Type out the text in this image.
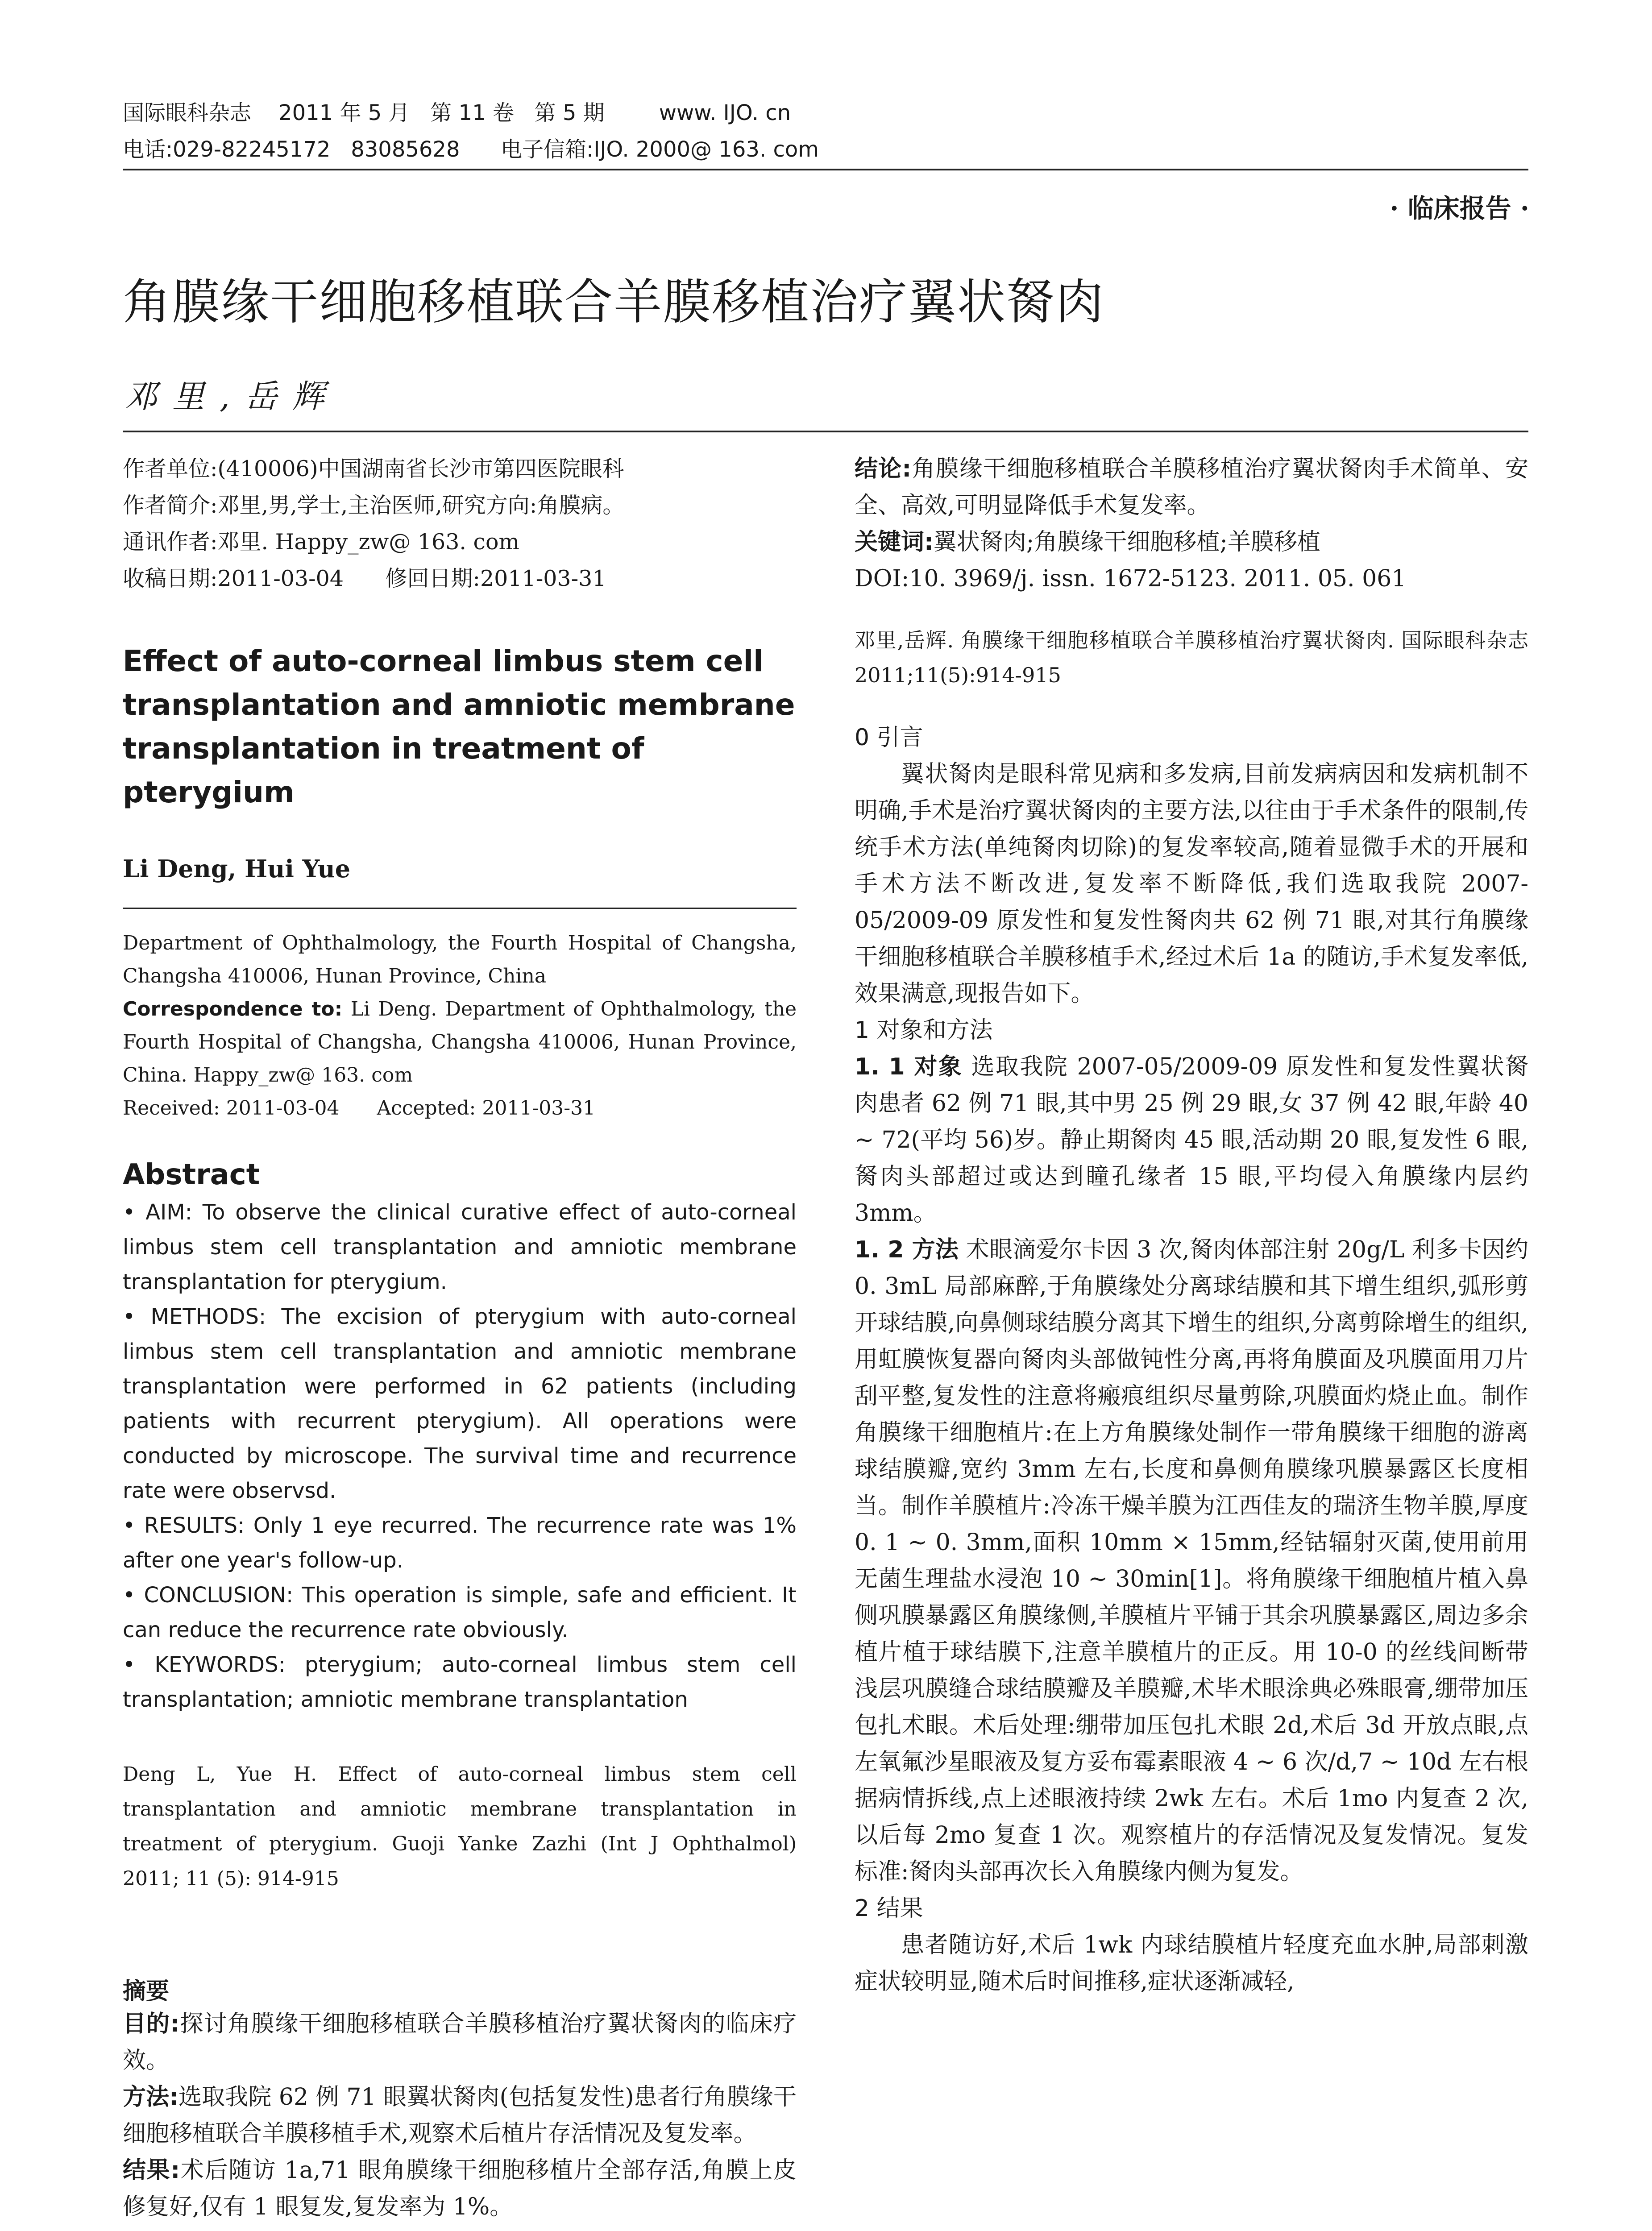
国际眼科杂志    2011 年 5 月   第 11 卷   第 5 期        www. IJO. cn
电话:029-82245172   83085628      电子信箱:IJO. 2000@ 163. com
· 临床报告 ·
角膜缘干细胞移植联合羊膜移植治疗翼状胬肉
邓里,岳辉
作者单位:(410006)中国湖南省长沙市第四医院眼科
作者简介:邓里,男,学士,主治医师,研究方向:角膜病。
通讯作者:邓里. Happy_zw@ 163. com
收稿日期:2011-03-04      修回日期:2011-03-31
Effect of auto-corneal limbus stem cell transplantation and amniotic membrane transplantation in treatment of pterygium
Li Deng, Hui Yue
Department of Ophthalmology, the Fourth Hospital of Changsha, Changsha 410006, Hunan Province, China
Correspondence to: Li Deng. Department of Ophthalmology, the Fourth Hospital of Changsha, Changsha 410006, Hunan Province, China. Happy_zw@ 163. com
Received: 2011-03-04      Accepted: 2011-03-31
Abstract

• AIM: To observe the clinical curative effect of auto-corneal limbus stem cell transplantation and amniotic membrane transplantation for pterygium.

• METHODS: The excision of pterygium with auto-corneal limbus stem cell transplantation and amniotic membrane transplantation were performed in 62 patients (including patients with recurrent pterygium). All operations were conducted by microscope. The survival time and recurrence rate were observsd.

• RESULTS: Only 1 eye recurred. The recurrence rate was 1% after one year's follow-up.

• CONCLUSION: This operation is simple, safe and efficient. It can reduce the recurrence rate obviously.

• KEYWORDS: pterygium; auto-corneal limbus stem cell transplantation; amniotic membrane transplantation

Deng L, Yue H. Effect of auto-corneal limbus stem cell transplantation and amniotic membrane transplantation in treatment of pterygium. Guoji Yanke Zazhi (Int J Ophthalmol) 2011; 11 (5): 914-915
摘要
目的:探讨角膜缘干细胞移植联合羊膜移植治疗翼状胬肉的临床疗效。
方法:选取我院 62 例 71 眼翼状胬肉(包括复发性)患者行角膜缘干细胞移植联合羊膜移植手术,观察术后植片存活情况及复发率。
结果:术后随访 1a,71 眼角膜缘干细胞移植片全部存活,角膜上皮修复好,仅有 1 眼复发,复发率为 1%。
结论:角膜缘干细胞移植联合羊膜移植治疗翼状胬肉手术简单、安全、高效,可明显降低手术复发率。
关键词:翼状胬肉;角膜缘干细胞移植;羊膜移植
DOI:10. 3969/j. issn. 1672-5123. 2011. 05. 061
邓里,岳辉. 角膜缘干细胞移植联合羊膜移植治疗翼状胬肉. 国际眼科杂志 2011;11(5):914-915
0 引言
翼状胬肉是眼科常见病和多发病,目前发病病因和发病机制不明确,手术是治疗翼状胬肉的主要方法,以往由于手术条件的限制,传统手术方法(单纯胬肉切除)的复发率较高,随着显微手术的开展和手术方法不断改进,复发率不断降低,我们选取我院 2007-05/2009-09 原发性和复发性胬肉共 62 例 71 眼,对其行角膜缘干细胞移植联合羊膜移植手术,经过术后 1a 的随访,手术复发率低,效果满意,现报告如下。
1 对象和方法
1. 1 对象 选取我院 2007-05/2009-09 原发性和复发性翼状胬肉患者 62 例 71 眼,其中男 25 例 29 眼,女 37 例 42 眼,年龄 40 ~ 72(平均 56)岁。静止期胬肉 45 眼,活动期 20 眼,复发性 6 眼,胬肉头部超过或达到瞳孔缘者 15 眼,平均侵入角膜缘内层约 3mm。
1. 2 方法 术眼滴爱尔卡因 3 次,胬肉体部注射 20g/L 利多卡因约 0. 3mL 局部麻醉,于角膜缘处分离球结膜和其下增生组织,弧形剪开球结膜,向鼻侧球结膜分离其下增生的组织,分离剪除增生的组织,用虹膜恢复器向胬肉头部做钝性分离,再将角膜面及巩膜面用刀片刮平整,复发性的注意将瘢痕组织尽量剪除,巩膜面灼烧止血。制作角膜缘干细胞植片:在上方角膜缘处制作一带角膜缘干细胞的游离球结膜瓣,宽约 3mm 左右,长度和鼻侧角膜缘巩膜暴露区长度相当。制作羊膜植片:冷冻干燥羊膜为江西佳友的瑞济生物羊膜,厚度 0. 1 ~ 0. 3mm,面积 10mm × 15mm,经钴辐射灭菌,使用前用无菌生理盐水浸泡 10 ~ 30min[1]。将角膜缘干细胞植片植入鼻侧巩膜暴露区角膜缘侧,羊膜植片平铺于其余巩膜暴露区,周边多余植片植于球结膜下,注意羊膜植片的正反。用 10-0 的丝线间断带浅层巩膜缝合球结膜瓣及羊膜瓣,术毕术眼涂典必殊眼膏,绷带加压包扎术眼。术后处理:绷带加压包扎术眼 2d,术后 3d 开放点眼,点左氧氟沙星眼液及复方妥布霉素眼液 4 ~ 6 次/d,7 ~ 10d 左右根据病情拆线,点上述眼液持续 2wk 左右。术后 1mo 内复查 2 次,以后每 2mo 复查 1 次。观察植片的存活情况及复发情况。复发标准:胬肉头部再次长入角膜缘内侧为复发。
2 结果
患者随访好,术后 1wk 内球结膜植片轻度充血水肿,局部刺激症状较明显,随术后时间推移,症状逐渐减轻,
